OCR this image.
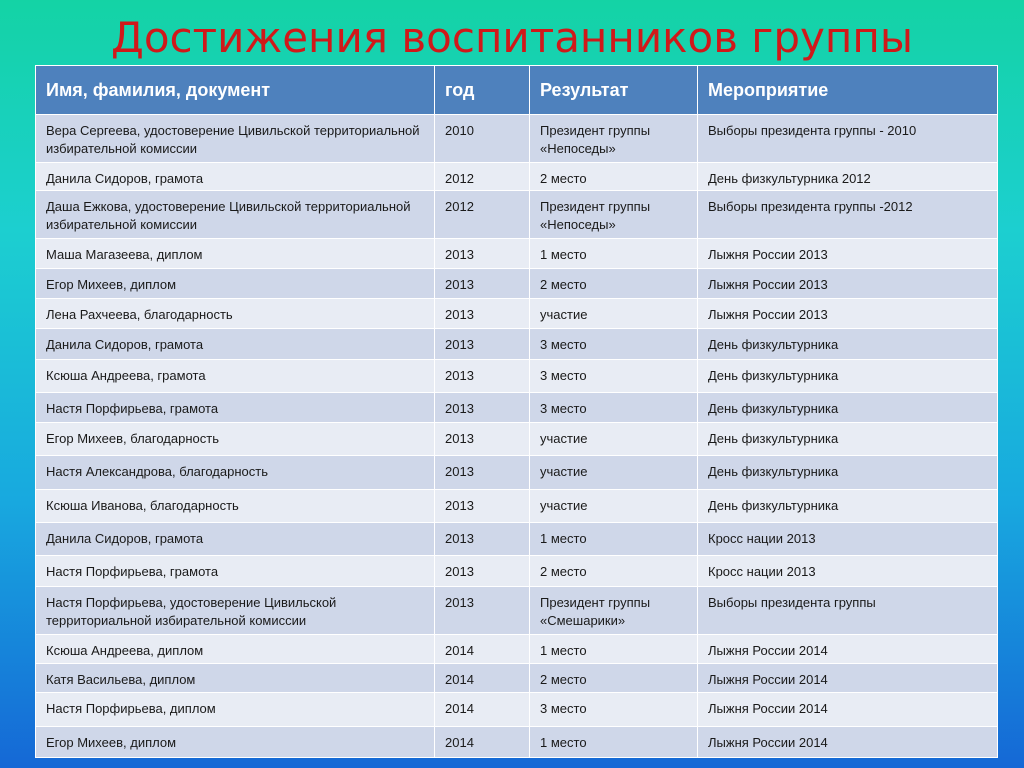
Достижения воспитанников группы
Имя, фамилия, документ	год	Результат	Мероприятие
Вера Сергеева, удостоверение Цивильской территориальной избирательной комиссии	2010	Президент группы «Непоседы»	Выборы президента группы - 2010
Данила Сидоров, грамота	2012	2 место	День физкультурника 2012
Даша Ежкова, удостоверение Цивильской территориальной избирательной комиссии	2012	Президент группы «Непоседы»	Выборы президента группы -2012
Маша Магазеева, диплом	2013	1 место	Лыжня России 2013
Егор Михеев, диплом	2013	2 место	Лыжня России 2013
Лена Рахчеева, благодарность	2013	участие	Лыжня России 2013
Данила Сидоров, грамота	2013	3 место	День физкультурника
Ксюша Андреева, грамота	2013	3 место	День физкультурника
Настя Порфирьева, грамота	2013	3 место	День физкультурника
Егор Михеев, благодарность	2013	участие	День физкультурника
Настя Александрова, благодарность	2013	участие	День физкультурника
Ксюша Иванова, благодарность	2013	участие	День физкультурника
Данила Сидоров, грамота	2013	1 место	Кросс нации 2013
Настя Порфирьева, грамота	2013	2 место	Кросс нации 2013
Настя Порфирьева, удостоверение Цивильской территориальной избирательной комиссии	2013	Президент группы «Смешарики»	Выборы президента группы
Ксюша Андреева, диплом	2014	1 место	Лыжня России 2014
Катя Васильева, диплом	2014	2 место	Лыжня России 2014
Настя Порфирьева, диплом	2014	3 место	Лыжня России 2014
Егор Михеев, диплом	2014	1 место	Лыжня России 2014
